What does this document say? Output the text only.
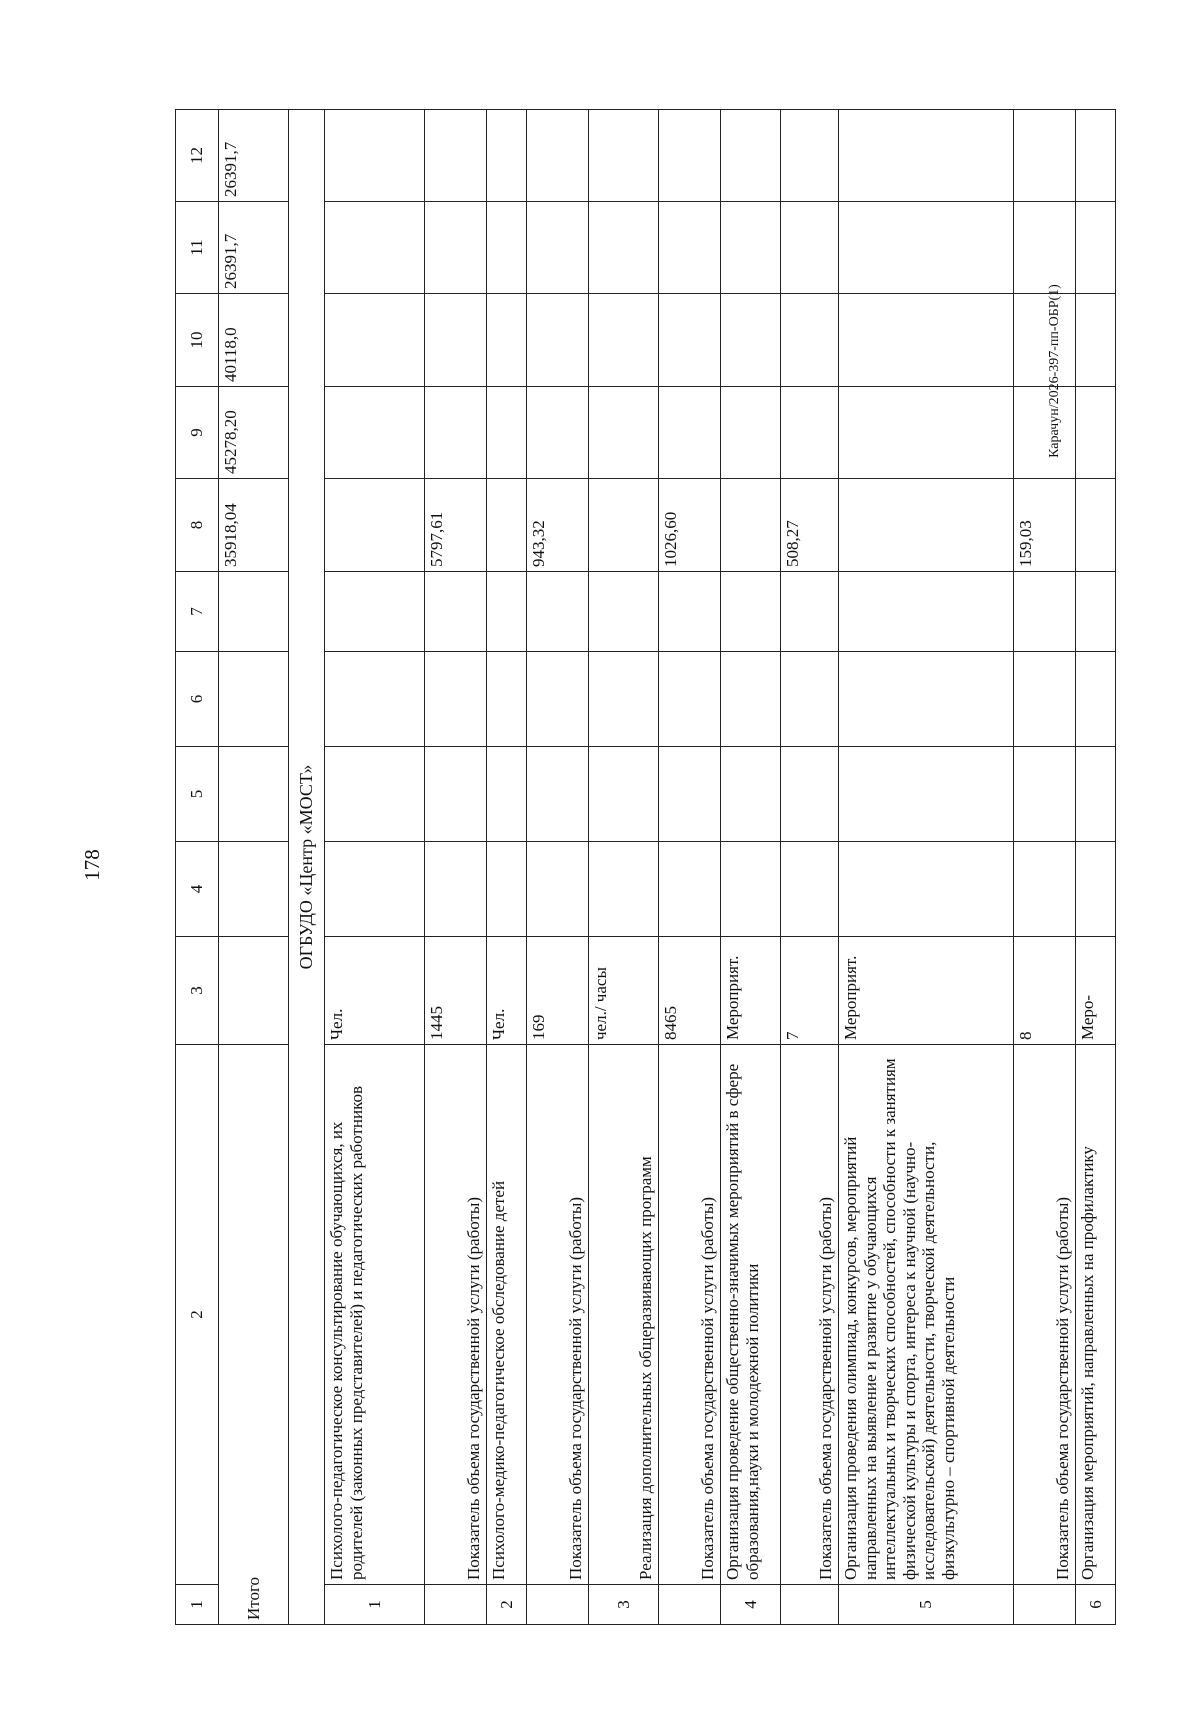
178
Карачун/2026-397-пп-ОБР(1)
1	2	3	4	5	6	7	8	9	10	11	12
Итого							35918,04	45278,20	40118,0	26391,7	26391,7
ОГБУДО «Центр «МОСТ»											
1	Психолого-педагогическое консультирование обучающихся, их родителей (законных представителей) и педагогических работников	Чел.									
	Показатель объема государственной услуги (работы)	1445					5797,61				
2	Психолого-медико-педагогическое обследование детей	Чел.									
	Показатель объема государственной услуги (работы)	169					943,32				
3	Реализация дополнительных общеразвивающих программ	чел./ часы									
	Показатель объема государственной услуги (работы)	8465					1026,60				
4	Организация проведение общественно-значимых мероприятий в сфере образования,науки и молодежной политики	Мероприят.									
	Показатель объема государственной услуги (работы)	7					508,27				
5	Организация проведения олимпиад, конкурсов, мероприятий направленных на выявление и развитие у обучающихся интеллектуальных и творческих способностей, способности к занятиям физической культуры и спорта, интереса к научной (научно-исследовательской) деятельности, творческой деятельности, физкультурно – спортивной деятельности	Мероприят.									
	Показатель объема государственной услуги (работы)	8					159,03				
6	Организация мероприятий, направленных на профилактику	Меро-									
